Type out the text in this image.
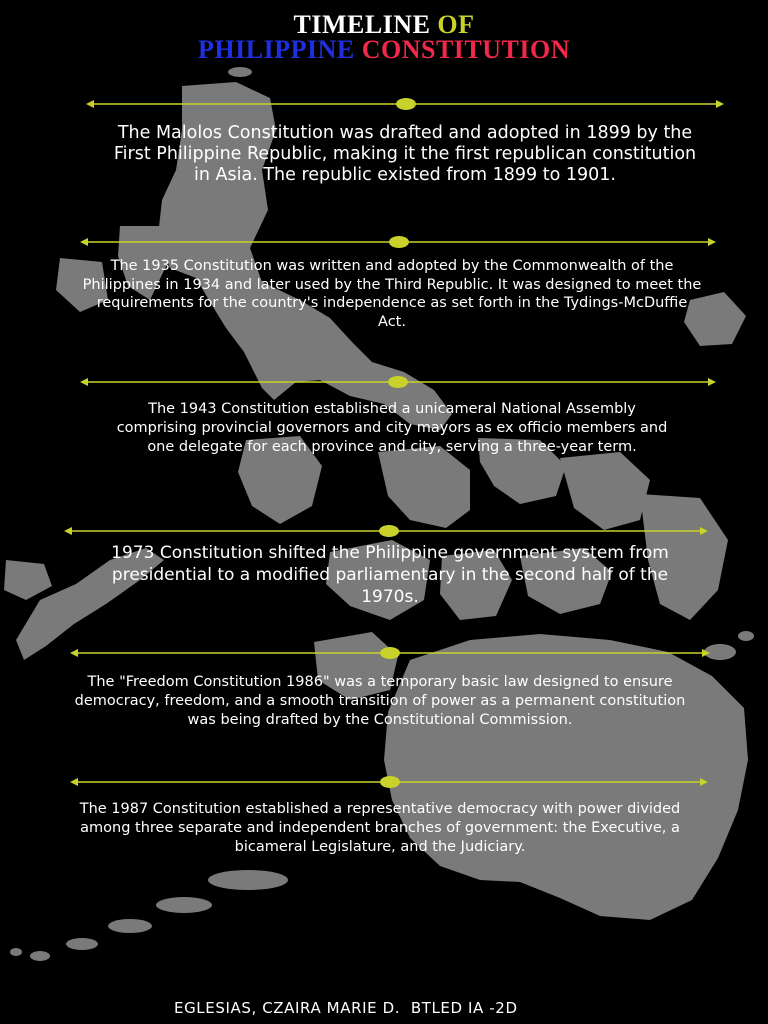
TIMELINE OF
PHILIPPINE CONSTITUTION

The Malolos Constitution was drafted and adopted in 1899 by the First Philippine Republic, making it the first republican constitution in Asia. The republic existed from 1899 to 1901.

The 1935 Constitution was written and adopted by the Commonwealth of the Philippines in 1934 and later used by the Third Republic. It was designed to meet the requirements for the country's independence as set forth in the Tydings-McDuffie Act.

The 1943 Constitution established a unicameral National Assembly comprising provincial governors and city mayors as ex officio members and one delegate for each province and city, serving a three-year term.

1973 Constitution shifted the Philippine government system from presidential to a modified parliamentary in the second half of the 1970s.

The "Freedom Constitution 1986" was a temporary basic law designed to ensure democracy, freedom, and a smooth transition of power as a permanent constitution was being drafted by the Constitutional Commission.

The 1987 Constitution established a representative democracy with power divided among three separate and independent branches of government: the Executive, a bicameral Legislature, and the Judiciary.

EGLESIAS, CZAIRA MARIE D.  BTLED IA -2D
